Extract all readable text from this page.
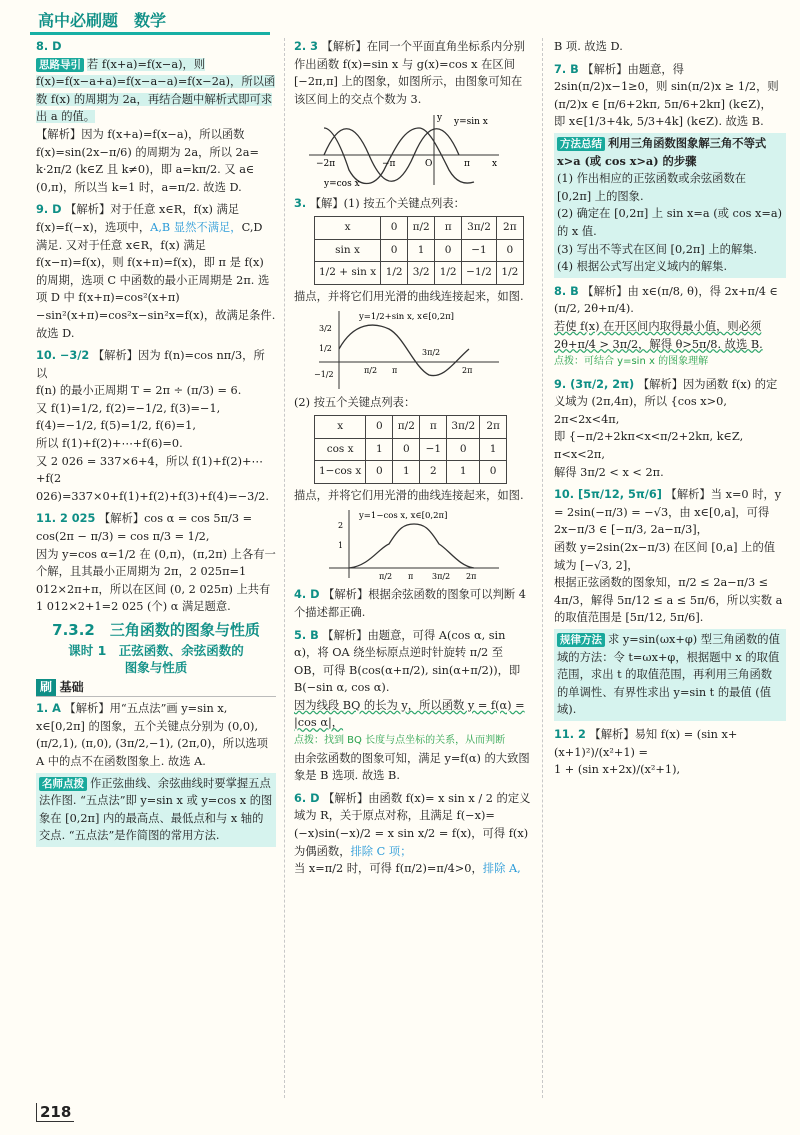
高中必刷题　数学
8. D
思路导引 若 f(x+a)=f(x−a)，则 f(x)=f(x−a+a)=f(x−a−a)=f(x−2a)，所以函数 f(x) 的周期为 2a，再结合题中解析式即可求出 a 的值。

【解析】因为 f(x+a)=f(x−a)，所以函数

f(x)=sin(2x−π/6) 的周期为 2a，所以 2a=

k·2π/2 (k∈Z 且 k≠0)，即 a=kπ/2. 又 a∈

(0,π)，所以当 k=1 时，a=π/2. 故选 D.

9. D 【解析】对于任意 x∈R，f(x) 满足 f(x)=f(−x)，选项中，A,B 显然不满足，C,D 满足. 又对于任意 x∈R，f(x) 满足 f(x−π)=f(x)，则 f(x+π)=f(x)，即 π 是 f(x) 的周期，选项 C 中函数的最小正周期是 2π. 选项 D 中 f(x+π)=cos²(x+π)−sin²(x+π)=cos²x−sin²x=f(x)，故满足条件. 故选 D.
10. −3/2 【解析】因为 f(n)=cos nπ/3，所以

f(n) 的最小正周期 T = 2π ÷ (π/3) = 6.

又 f(1)=1/2, f(2)=−1/2, f(3)=−1,

f(4)=−1/2, f(5)=1/2, f(6)=1,

所以 f(1)+f(2)+⋯+f(6)=0.

又 2 026 = 337×6+4，所以 f(1)+f(2)+⋯+f(2 026)=337×0+f(1)+f(2)+f(3)+f(4)=−3/2.

11. 2 025 【解析】cos α = cos 5π/3 =

cos(2π − π/3) = cos π/3 = 1/2,

因为 y=cos α=1/2 在 (0,π)，(π,2π) 上各有一个解，且其最小正周期为 2π，2 025π=1 012×2π+π，所以在区间 (0, 2 025π) 上共有 1 012×2+1=2 025 (个) α 满足题意.

7.3.2　三角函数的图象与性质
课时 1　正弦函数、余弦函数的
图象与性质
刷 基础
1. A 【解析】用“五点法”画 y=sin x, x∈[0,2π] 的图象，五个关键点分别为 (0,0), (π/2,1), (π,0), (3π/2,−1), (2π,0)，所以选项 A 中的点不在函数图象上. 故选 A.
名师点拨 作正弦曲线、余弦曲线时要掌握五点法作图. “五点法”即 y=sin x 或 y=cos x 的图象在 [0,2π] 内的最高点、最低点和与 x 轴的交点. “五点法”是作简图的常用方法.
2. 3 【解析】在同一个平面直角坐标系内分别作出函数 f(x)=sin x 与 g(x)=cos x 在区间 [−2π,π] 上的图象，如图所示，由图象可知在该区间上的交点个数为 3.
y=sin x
y=cos x
−2π	−π	O	π x
y
3. 【解】(1) 按五个关键点列表：
x	0	π/2	π	3π/2	2π
sin x	0	1	0	−1	0
1/2 + sin x	1/2	3/2	1/2	−1/2	1/2

描点，并将它们用光滑的曲线连接起来，如图.

y=1/2+sin x, x∈[0,2π]
3/2
1/2
−1/2	π/2 π
3π/2
2π

(2) 按五个关键点列表：

x	0	π/2	π	3π/2	2π
cos x	1	0	−1	0	1
1−cos x	0	1	2	1	0

描点，并将它们用光滑的曲线连接起来，如图.

y=1−cos x, x∈[0,2π]
2
1
π/2 π 3π/2 2π
4. D 【解析】根据余弦函数的图象可以判断 4 个描述都正确.
5. B 【解析】由题意，可得 A(cos α, sin α)，将 OA 绕坐标原点逆时针旋转 π/2 至 OB，可得 B(cos(α+π/2), sin(α+π/2))，即 B(−sin α, cos α).

因为线段 BQ 的长为 y，所以函数 y = f(α) = |cos α|，

点拨：找到 BQ 长度与点坐标的关系，从而判断

由余弦函数的图象可知，满足 y=f(α) 的大致图象是 B 选项. 故选 B.

6. D 【解析】由函数 f(x)= x sin x / 2 的定义域为 R，关于原点对称，且满足 f(−x)=(−x)sin(−x)/2 = x sin x/2 = f(x)，可得 f(x) 为偶函数，排除 C 项；

当 x=π/2 时，可得 f(π/2)=π/4>0，排除 A,

B 项. 故选 D.

7. B 【解析】由题意，得 2sin(π/2)x−1≥0，则 sin(π/2)x ≥ 1/2，则 (π/2)x ∈ [π/6+2kπ, 5π/6+2kπ] (k∈Z)，

即 x∈[1/3+4k, 5/3+4k] (k∈Z). 故选 B.

方法总结 利用三角函数图象解三角不等式 x>a (或 cos x>a) 的步骤

(1) 作出相应的正弦函数或余弦函数在 [0,2π] 上的图象.

(2) 确定在 [0,2π] 上 sin x=a (或 cos x=a) 的 x 值.

(3) 写出不等式在区间 [0,2π] 上的解集.

(4) 根据公式写出定义域内的解集.

8. B 【解析】由 x∈(π/8, θ)，得 2x+π/4 ∈ (π/2, 2θ+π/4).

若使 f(x) 在开区间内取得最小值，则必须 2θ+π/4 > 3π/2，解得 θ>5π/8. 故选 B.

点拨：可结合 y=sin x 的图象理解

9. (3π/2, 2π) 【解析】因为函数 f(x) 的定义域为 (2π,4π)，所以 {cos x>0, 2π<2x<4π,

即 {−π/2+2kπ<x<π/2+2kπ, k∈Z, π<x<2π,

解得 3π/2 < x < 2π.

10. [5π/12, 5π/6] 【解析】当 x=0 时，y = 2sin(−π/3) = −√3，由 x∈[0,a]，可得 2x−π/3 ∈ [−π/3, 2a−π/3]，

函数 y=2sin(2x−π/3) 在区间 [0,a] 上的值域为 [−√3, 2]，

根据正弦函数的图象知，π/2 ≤ 2a−π/3 ≤ 4π/3，解得 5π/12 ≤ a ≤ 5π/6，所以实数 a 的取值范围是 [5π/12, 5π/6].

规律方法 求 y=sin(ωx+φ) 型三角函数的值域的方法：令 t=ωx+φ，根据题中 x 的取值范围，求出 t 的取值范围，再利用三角函数的单调性、有界性求出 y=sin t 的最值 (值域).
11. 2 【解析】易知 f(x) = (sin x+(x+1)²)/(x²+1) =

1 + (sin x+2x)/(x²+1),

218
